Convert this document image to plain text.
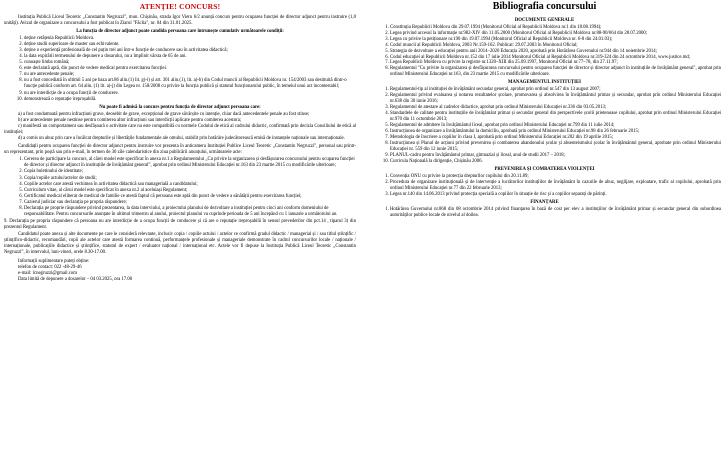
ATENȚIE! CONCURS!

Instituția Publică Liceul Teoretic „Constantin Negruzzi”, mun. Chișinău, strada Igor Vieru 6/2 anunță concurs pentru ocuparea funcției de director adjunct pentru instruire (1,0 unități). Avizul de organizare a concursului a fost publicat în Ziarul "Făclia", nr. 04 din 31.01.2025.

La funcția de director adjunct poate candida persoana care întrunește cumulativ următoarele condiții:
1. deține cetățenia Republicii Moldova.
2. deține studii superioare de master sau echivalente.
3. deține o experiență profesională de cel puțin trei ani într-o funcție de conducere sau în activitatea didactică;
4. la data expirării termenului de depunere a dosarului, nu a împlinit vârsta de 65 de ani.
5. cunoaște limba română;
6. este declarată aptă, din punct de vedere medical pentru exercitarea funcției.
7. nu are antecedente penale;
8. nu a fost concediată în ultimii 5 ani pe baza art.86 alin.(1) lit. g)-i) și art. 301 alin.(1), lit. a)-b) din Codul muncii al Republicii Moldova nr. 154/2003 sau destituită dintr-o funcție publică conform art. 64 alin. (1) lit. a)-j) din Legea nr. 158/2008 cu privire la funcția publică și statutul funcționarului public, în temeiul unui act incontestabil;
9. nu are interdicție de a ocupa funcții de conducere.
10. demonstrează o reputație ireproșabilă.
Nu poate fi admisă la concurs pentru funcția de director adjunct persoana care:

a) a fost condamnată pentru infracțiuni grave, deosebit de grave, excepțional de grave săvârșite cu intenție, chiar dacă antecedentele penale au fost stinse;

b) are antecedente penale nestinse pentru comiterea altor infracțiuni sau interdicții aplicate pentru comiterea acestora;

c) manifestă un comportament sau desfășoară o activitate care nu este compatibilă cu normele Codului de etică al cadrului didactic, confirmată prin decizia Consiliului de etică al instituției;

d) a comis un abuz prin care a încălcat drepturile și libertățile fundamentale ale omului, stabilit prin hotărâre judecătorească emisă de instanțele naționale sau internaționale.

Candidații pentru ocuparea funcției de director adjunct pentru instruire vor prezenta în anticamera Instituției Publice Liceul Teoretic „Constantin Negruzzi”, personal sau printr-un reprezentant, prin poștă sau prin e-mail, în termen de 30 zile calendaristice din ziua publicării anunțului, următoarele acte:

1. Cererea de participare la concurs, al cărei model este specificat în anexa nr.1 a Regulamentului „Cu privire la organizarea și desfășurarea concursului pentru ocuparea funcției de director și director adjunct în instituțiile de învățământ general”, aprobat prin ordinul Ministerului Educației nr.163 din 23 martie 2015 cu modificările ulterioare;
2. Copia buletinului de identitate;
3. Copia/copiile actului/actelor de studii;
4. Copiile actelor care atestă vechimea în activitatea didactică sau managerială a candidatului;
5. Curriculum vitae, al cărui model este specificat în anexa nr.2 al aceluiași Regulament;
6. Certificatul medical eliberat de medical de familie ce atestă faptul că persoana este aptă din punct de vedere a sănătății pentru exercitarea funcției;
7. Cazierul judiciar sau declarația pe propria răspundere;
8. Declarația pe proprie răspundere privind prezentarea, la data interviului, a proiectului planului de dezvoltare a instituției pentru cinci ani conform domeniului de responsabilitate. Pentru concursurile anunțate în ultimul trimestru al anului, proiectul planului va cuprinde perioada de 5 ani începând cu 1 ianuarie a următorului an.

9. Declarația pe propria răspundere că persoana nu are interdicție de a ocupa funcții de conducere și că are o reputație ireproșabilă în sensul prevederilor din pct.14 , tiparul 3) din prezentul Regulament.

Candidatul poate anexa și alte documente pe care le consideră relevante, inclusiv copia / copiile actului / actelor ce confirmă gradul didactic / managerial și / sau titlul științific / științifico-didactic, recomandări, copii ale actelor care atestă formarea continuă, performanțele profesionale și manageriale demonstrate în cadrul concursurilor locale / naționale / internaționale, publicațiile didactice și științifice, statutul de expert / evaluator național / internațional etc. Actele vor fi depuse la Instituția Publică Liceul Teoretic „Constantin Negruzzi”, în intervalul, luni-vineri, orele 8.30-17.00.

Informații suplimentare puteți obține:
telefon de contact: 022 -48-29-46
e-mail: lcnegruzzi@gmail.com
Data limită de depunere a dosarelor – 04 03.2025, ora 17.00
Bibliografia concursului
DOCUMENTE GENERALE
1. Constituția Republicii Moldova din 29.07.1994 (Monitorul Oficial al Republicii Moldova nr.1 din 18.08.1994);
2. Legea privind accesul la informație nr.982-XIV din 11.05.2000 (Monitorul Oficial al Republicii Moldova nr.88-90/664 din 28.07.2000;
3. Legea cu privire la petiționare nr.190 din 19.07.1994 (Monitorul Oficial al Republicii Moldova nr. 6-8 din 24.01.03);
4. Codul muncii al Republicii Moldova, 2003 Nr.159-162. Publicat: 29.07.2003 în Monitorul Oficial;
5. Strategia de dezvoltare a educației pentru anii 2014–2020 Educația 2020, aprobată prin Hotărârea Guvernului nr.944 din 14 noiembrie 2014;
6. Codul educației al Republicii Moldova nr.152 din 17 iulie 2014 Monitorul Oficial al Republicii Moldova nr.319-324 din 24 octombrie 2014, www.justice.md;
7. Legea Republicii Moldova cu privire la registre nr.1320–XIII din 25.09.1997, Monitorul Oficial nr.77–78, din 27.11.97;
8. Regulamentul "Cu privire la organizarea și desfășurarea concursului pentru ocuparea funcției de director și director adjunct în instituțiile de învățământ general", aprobat prin ordinul Ministerului Educației nr.163, din 23 martie 2015 cu modificările ulterioare.
MANAGEMENTUL INSTITUȚIEI
1. Regulamentul-tip al instituției de învățământ secundar general, aprobat prin ordinul nr.547 din 13 august 2007;
2. Regulamentul privind evaluarea și notarea rezultatelor școlare, promovarea și absolvirea în învățământul primar și secundar, aprobat prin ordinul Ministerului Educației nr.638 din 30 iunie 2016;
3. Regulamentul de atestare al cadrelor didactice, aprobat prin ordinul Ministerului Educației nr.336 din 03.05.2013;
4. Standardele de calitate pentru instituțiile de învățământ primar și secundar general din perspectivele școlii prietenoase copilului, aprobat prin ordinul Ministerului Educației nr.970 din 11 octombrie 2013;
5. Regulamentul de admitere în învățământul liceal, aprobat prin ordinul Ministerului Educației nr.799 din 11 iulie 2014;
6. Instrucțiunea de organizare a învățământului la domiciliu, aprobată prin ordinul Ministerului Educației nr.98 din 26 februarie 2015;
7. Metodologia de înscriere a copiilor în clasa I, aprobată prin ordinul Ministerului Educației nr.202 din 19 aprilie 2015;
8. Instrucțiunea și Planul de acțiuni privind prevenirea și combaterea abandonului școlar și absenteismului școlar în învățământul general, aprobate prin ordinul Ministerului Educației nr. 559 din 12 iunie 2015;
9. PLANUL-cadru pentru învățământul primar, gimnazial și liceal, anul de studii 2017 – 2018;
10. Curricula Națională la dirigenție, Chișinău 2006.
PREVENIREA ȘI COMBATEREA VIOLENȚEI
1. Convenția ONU cu privire la protecția drepturilor copilului din 20.11.89;
2. Procedura de organizare instituțională și de intervenție a lucrătorilor instituțiilor de învățământ în cazurile de abuz, neglijare, exploatare, trafic al copilului, aprobată prin ordinul Ministerului Educației nr.77 din 22 februarie 2013;
3. Legea nr.140 din 14.06.2013 privind protecția specială a copiilor în situație de risc și a copiilor separați de părinți.
FINANȚARE
1. Hotărârea Guvernului nr.868 din 08 octombrie 2014 privind finanțarea în bază de cost per elev a instituțiilor de învățământ primar și secundar general din subordinea autorităților publice locale de nivelul al doilea.
